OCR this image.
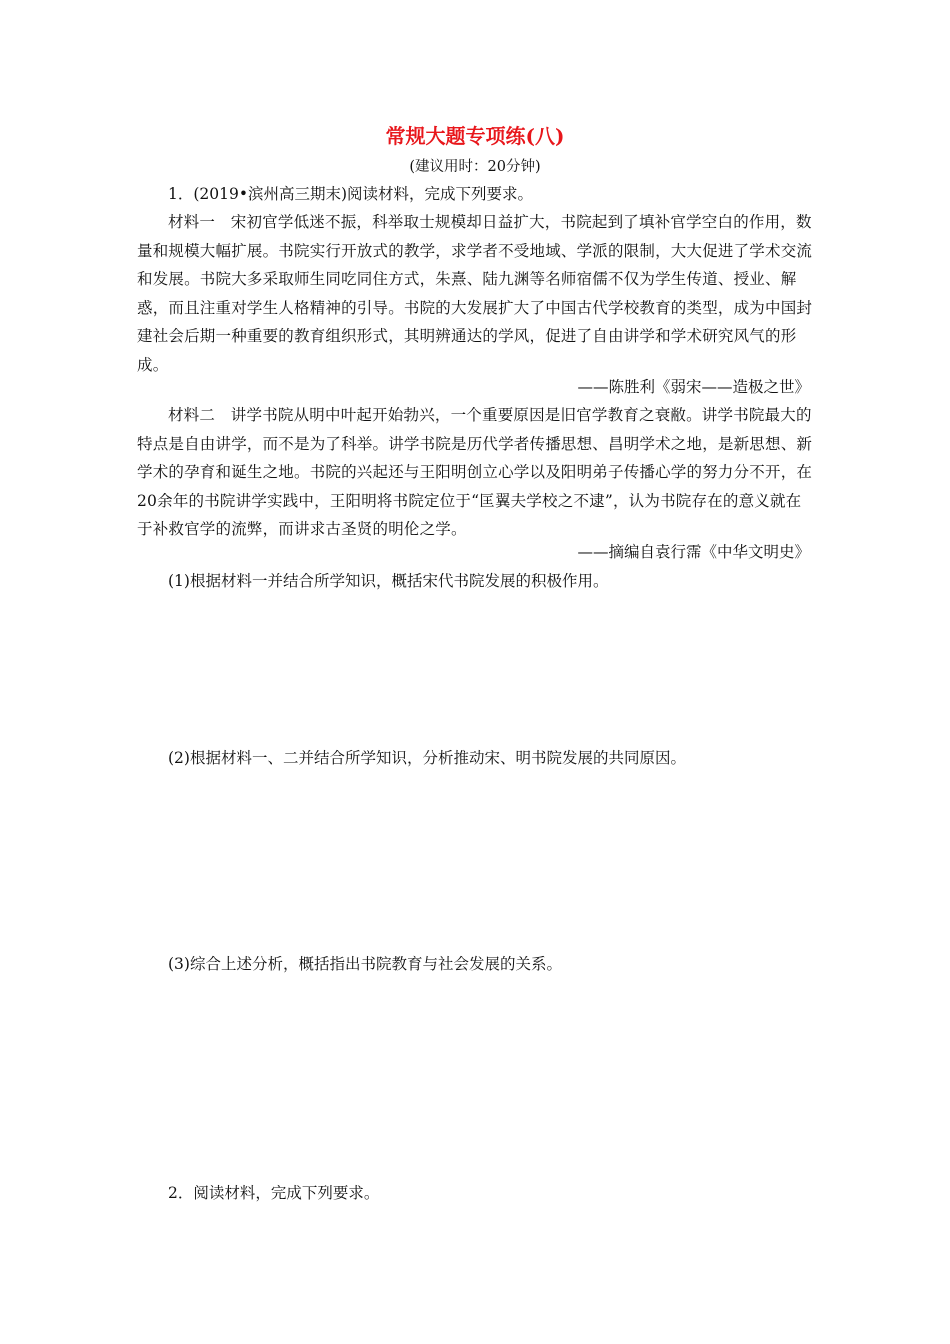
常规大题专项练(八)
(建议用时：20分钟)
1．(2019•滨州高三期末)阅读材料，完成下列要求。
材料一　宋初官学低迷不振，科举取士规模却日益扩大，书院起到了填补官学空白的作用，数量和规模大幅扩展。书院实行开放式的教学，求学者不受地域、学派的限制，大大促进了学术交流和发展。书院大多采取师生同吃同住方式，朱熹、陆九渊等名师宿儒不仅为学生传道、授业、解惑，而且注重对学生人格精神的引导。书院的大发展扩大了中国古代学校教育的类型，成为中国封建社会后期一种重要的教育组织形式，其明辨通达的学风，促进了自由讲学和学术研究风气的形成。
——陈胜利《弱宋——造极之世》
材料二　讲学书院从明中叶起开始勃兴，一个重要原因是旧官学教育之衰敝。讲学书院最大的特点是自由讲学，而不是为了科举。讲学书院是历代学者传播思想、昌明学术之地，是新思想、新学术的孕育和诞生之地。书院的兴起还与王阳明创立心学以及阳明弟子传播心学的努力分不开，在20余年的书院讲学实践中，王阳明将书院定位于“匡翼夫学校之不逮”，认为书院存在的意义就在于补救官学的流弊，而讲求古圣贤的明伦之学。
——摘编自袁行霈《中华文明史》
(1)根据材料一并结合所学知识，概括宋代书院发展的积极作用。
(2)根据材料一、二并结合所学知识，分析推动宋、明书院发展的共同原因。
(3)综合上述分析，概括指出书院教育与社会发展的关系。
2．阅读材料，完成下列要求。
